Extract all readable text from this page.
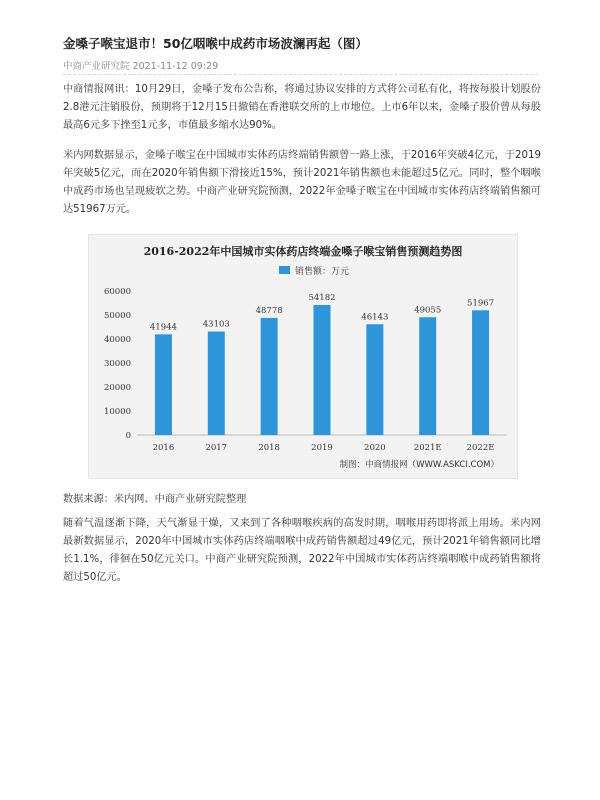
金嗓子喉宝退市！50亿咽喉中成药市场波澜再起（图）
中商产业研究院 2021-11-12 09:29
中商情报网讯：10月29日，金嗓子发布公告称，将通过协议安排的方式将公司私有化，将按每股计划股份2.8港元注销股份，预期将于12月15日撤销在香港联交所的上市地位。上市6年以来，金嗓子股价曾从每股最高6元多下挫至1元多，市值最多缩水达90%。
米内网数据显示，金嗓子喉宝在中国城市实体药店终端销售额曾一路上涨，于2016年突破4亿元，于2019年突破5亿元，而在2020年销售额下滑接近15%，预计2021年销售额也未能超过5亿元。同时，整个咽喉中成药市场也呈现疲软之势。中商产业研究院预测，2022年金嗓子喉宝在中国城市实体药店终端销售额可达51967万元。
2016-2022年中国城市实体药店终端金嗓子喉宝销售预测趋势图
销售额：万元
0
10000
20000
30000
40000
50000
60000
41944
2016
43103
2017
48778
2018
54182
2019
46143
2020
49055
2021E
51967
2022E
制图：中商情报网（WWW.ASKCI.COM）
数据来源：米内网、中商产业研究院整理
随着气温逐渐下降，天气渐显干燥，又来到了各种咽喉疾病的高发时期，咽喉用药即将派上用场。米内网最新数据显示，2020年中国城市实体药店终端咽喉中成药销售额超过49亿元，预计2021年销售额同比增长1.1%，徘徊在50亿元关口。中商产业研究院预测，2022年中国城市实体药店终端咽喉中成药销售额将超过50亿元。
